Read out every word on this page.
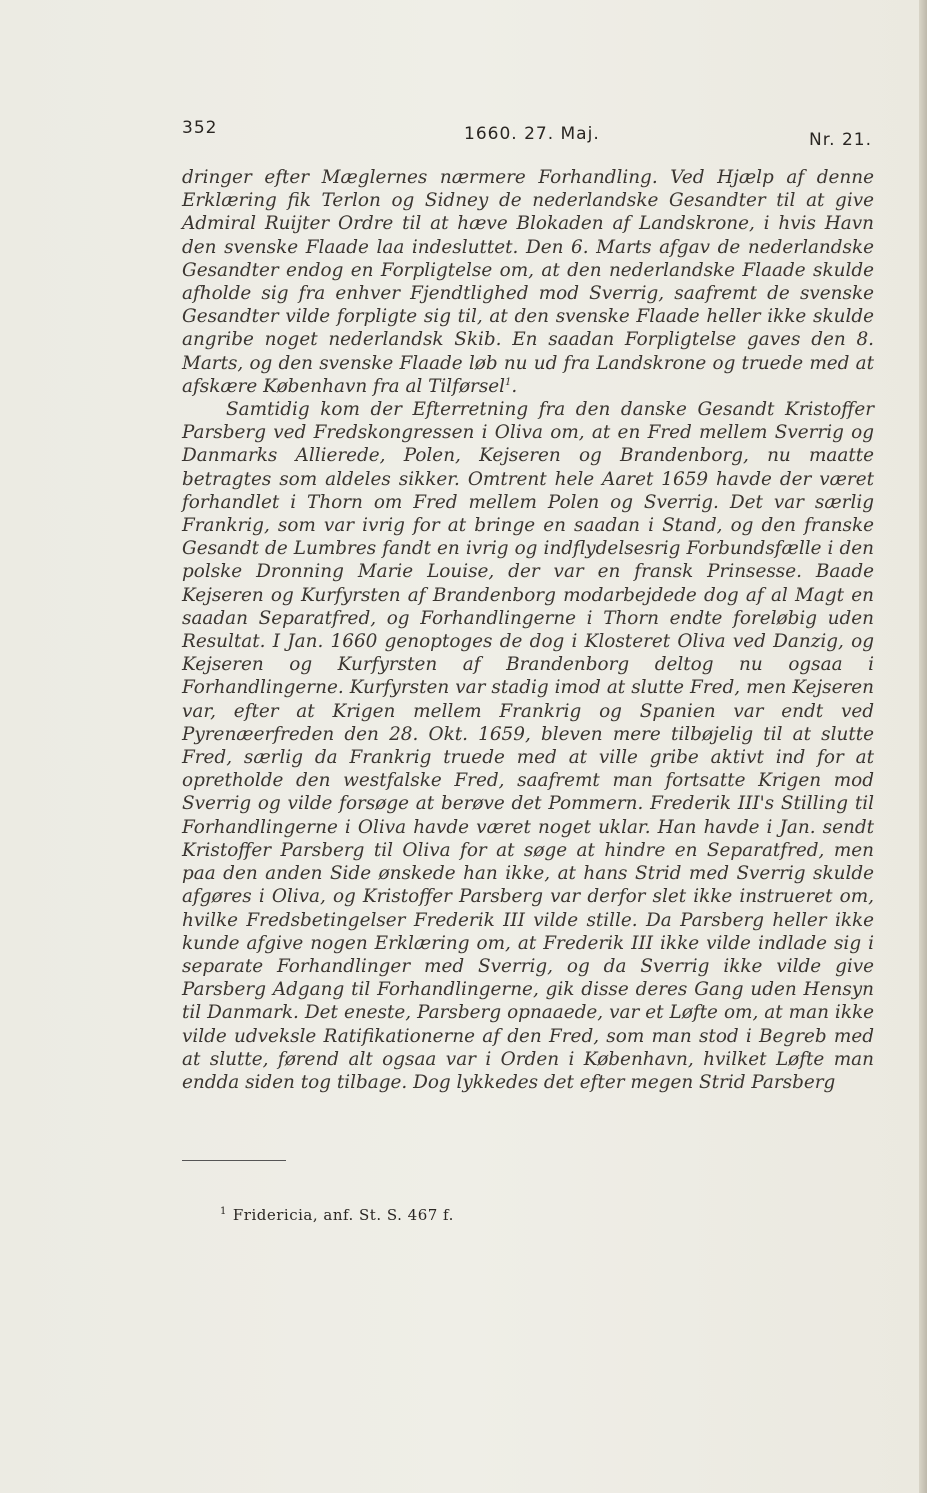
352	1660. 27. Maj.	Nr. 21.

dringer efter Mæglernes nærmere Forhandling. Ved Hjælp af denne Erklæring fik Terlon og Sidney de nederlandske Gesandter til at give Admiral Ruijter Ordre til at hæve Blokaden af Landskrone, i hvis Havn den svenske Flaade laa indesluttet. Den 6. Marts afgav de nederlandske Gesandter endog en Forpligtelse om, at den nederlandske Flaade skulde afholde sig fra enhver Fjendtlighed mod Sverrig, saafremt de svenske Gesandter vilde forpligte sig til, at den svenske Flaade heller ikke skulde angribe noget nederlandsk Skib. En saadan Forpligtelse gaves den 8. Marts, og den svenske Flaade løb nu ud fra Landskrone og truede med at afskære København fra al Tilførsel$^1$.

Samtidig kom der Efterretning fra den danske Gesandt Kristoffer Parsberg ved Fredskongressen i Oliva om, at en Fred mellem Sverrig og Danmarks Allierede, Polen, Kejseren og Brandenborg, nu maatte betragtes som aldeles sikker. Omtrent hele Aaret 1659 havde der været forhandlet i Thorn om Fred mellem Polen og Sverrig. Det var særlig Frankrig, som var ivrig for at bringe en saadan i Stand, og den franske Gesandt de Lumbres fandt en ivrig og indflydelsesrig Forbundsfælle i den polske Dronning Marie Louise, der var en fransk Prinsesse. Baade Kejseren og Kurfyrsten af Brandenborg modarbejdede dog af al Magt en saadan Separatfred, og Forhandlingerne i Thorn endte foreløbig uden Resultat. I Jan. 1660 genoptoges de dog i Klosteret Oliva ved Danzig, og Kejseren og Kurfyrsten af Brandenborg deltog nu ogsaa i Forhandlingerne. Kurfyrsten var stadig imod at slutte Fred, men Kejseren var, efter at Krigen mellem Frankrig og Spanien var endt ved Pyrenæerfreden den 28. Okt. 1659, bleven mere tilbøjelig til at slutte Fred, særlig da Frankrig truede med at ville gribe aktivt ind for at opretholde den westfalske Fred, saafremt man fortsatte Krigen mod Sverrig og vilde forsøge at berøve det Pommern. Frederik III's Stilling til Forhandlingerne i Oliva havde været noget uklar. Han havde i Jan. sendt Kristoffer Parsberg til Oliva for at søge at hindre en Separatfred, men paa den anden Side ønskede han ikke, at hans Strid med Sverrig skulde afgøres i Oliva, og Kristoffer Parsberg var derfor slet ikke instrueret om, hvilke Fredsbetingelser Frederik III vilde stille. Da Parsberg heller ikke kunde afgive nogen Erklæring om, at Frederik III ikke vilde indlade sig i separate Forhandlinger med Sverrig, og da Sverrig ikke vilde give Parsberg Adgang til Forhandlingerne, gik disse deres Gang uden Hensyn til Danmark. Det eneste, Parsberg opnaaede, var et Løfte om, at man ikke vilde udveksle Ratifikationerne af den Fred, som man stod i Begreb med at slutte, førend alt ogsaa var i Orden i København, hvilket Løfte man endda siden tog tilbage. Dog lykkedes det efter megen Strid Parsberg

$^1$ Fridericia, anf. St. S. 467 f.
